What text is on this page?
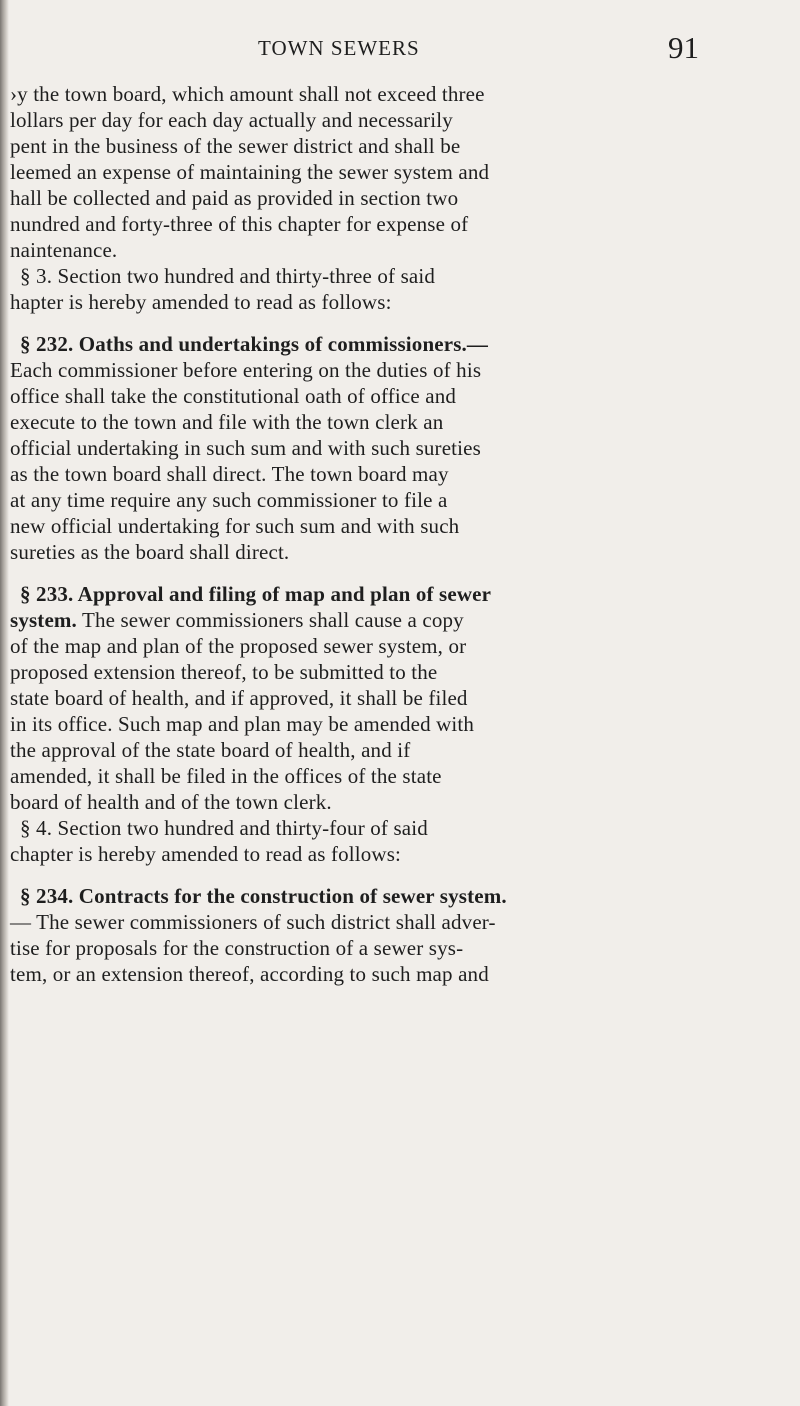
TOWN SEWERS	91
›y the town board, which amount shall not exceed three
lollars per day for each day actually and necessarily
pent in the business of the sewer district and shall be
leemed an expense of maintaining the sewer system and
hall be collected and paid as provided in section two
nundred and forty-three of this chapter for expense of
naintenance.
§ 3. Section two hundred and thirty-three of said
hapter is hereby amended to read as follows:
§ 232. Oaths and undertakings of commissioners.—
Each commissioner before entering on the duties of his
office shall take the constitutional oath of office and
execute to the town and file with the town clerk an
official undertaking in such sum and with such sureties
as the town board shall direct. The town board may
at any time require any such commissioner to file a
new official undertaking for such sum and with such
sureties as the board shall direct.
§ 233. Approval and filing of map and plan of sewer
system. The sewer commissioners shall cause a copy
of the map and plan of the proposed sewer system, or
proposed extension thereof, to be submitted to the
state board of health, and if approved, it shall be filed
in its office. Such map and plan may be amended with
the approval of the state board of health, and if
amended, it shall be filed in the offices of the state
board of health and of the town clerk.
§ 4. Section two hundred and thirty-four of said
chapter is hereby amended to read as follows:
§ 234. Contracts for the construction of sewer system.
— The sewer commissioners of such district shall adver-
tise for proposals for the construction of a sewer sys-
tem, or an extension thereof, according to such map and
